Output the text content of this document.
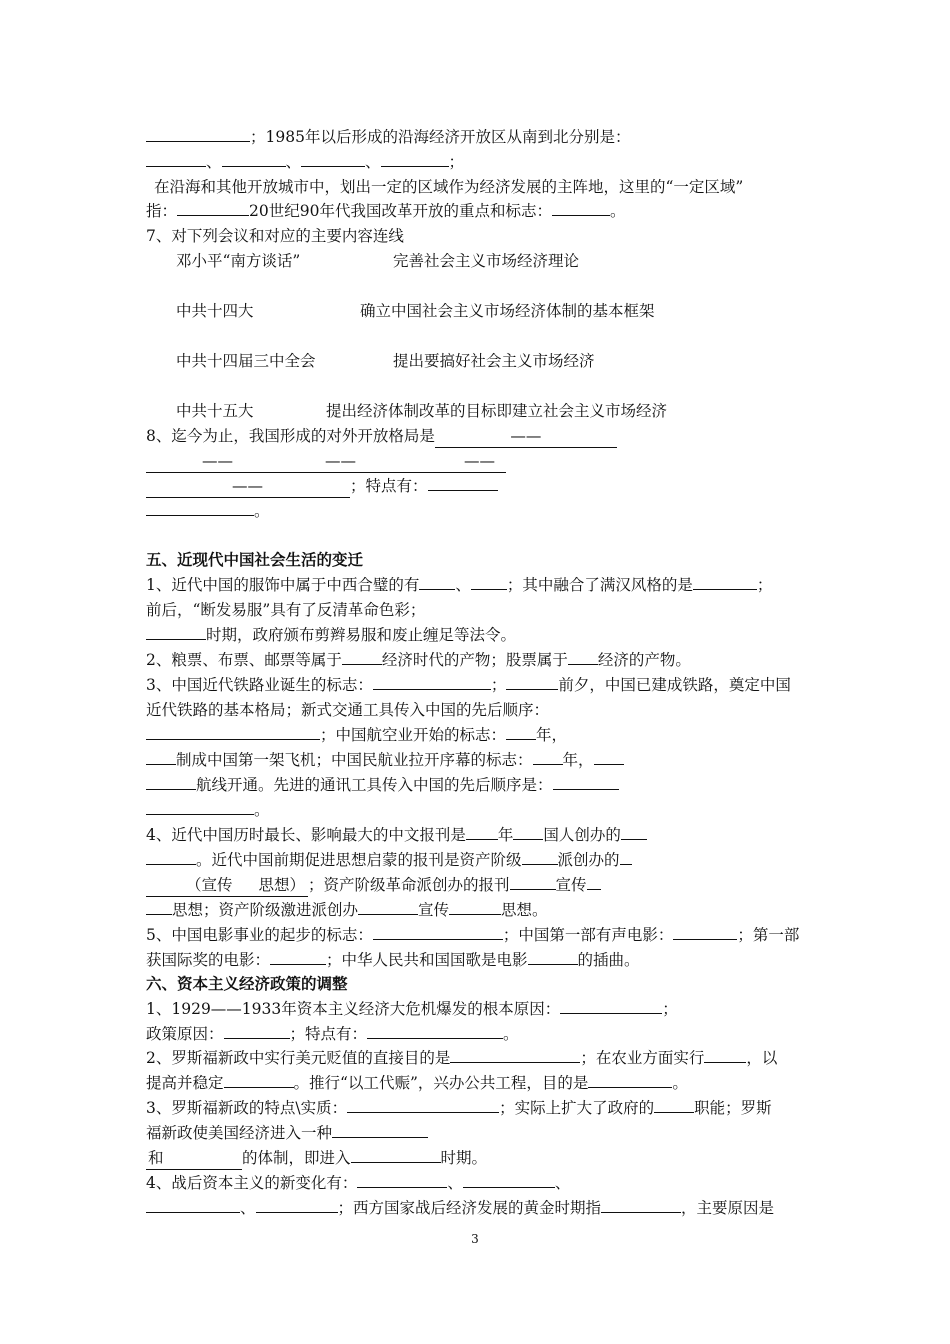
；1985年以后形成的沿海经济开放区从南到北分别是：
、	、	、	；
在沿海和其他开放城市中，划出一定的区域作为经济发展的主阵地，这里的“一定区域”
指：	20世纪90年代我国改革开放的重点和标志：	。
7、对下列会议和对应的主要内容连线
邓小平“南方谈话”	完善社会主义市场经济理论
中共十四大	确立中国社会主义市场经济体制的基本框架
中共十四届三中全会	提出要搞好社会主义市场经济
中共十五大	提出经济体制改革的目标即建立社会主义市场经济
8、迄今为止，我国形成的对外开放格局是	——
——	——	——
——	；特点有：
。
五、近现代中国社会生活的变迁
1、近代中国的服饰中属于中西合璧的有 、 ；其中融合了满汉风格的是	；
前后，“断发易服”具有了反清革命色彩；
时期，政府颁布剪辫易服和废止缠足等法令。
2、粮票、布票、邮票等属于	经济时代的产物；股票属于 经济的产物。
3、中国近代铁路业诞生的标志：	；	前夕，中国已建成铁路，奠定中国
近代铁路的基本格局；新式交通工具传入中国的先后顺序：
；中国航空业开始的标志： 年，
制成中国第一架飞机；中国民航业拉开序幕的标志： 年，
航线开通。先进的通讯工具传入中国的先后顺序是：
。
4、近代中国历时最长、影响最大的中文报刊是 年 国人创办的
。近代中国前期促进思想启蒙的报刊是资产阶级 派创办的
（宣传 思想） ；资产阶级革命派创办的报刊	宣传
思想；资产阶级激进派创办	宣传	思想。
5、中国电影事业的起步的标志：	；中国第一部有声电影：	；第一部
获国际奖的电影：	；中华人民共和国国歌是电影	的插曲。
六、资本主义经济政策的调整
1、1929——1933年资本主义经济大危机爆发的根本原因：	；
政策原因：	；特点有：	。
2、罗斯福新政中实行美元贬值的直接目的是	；在农业方面实行	，以
提高并稳定	。推行“以工代赈”，兴办公共工程，目的是	。
3、罗斯福新政的特点\实质：	；实际上扩大了政府的	职能；罗斯
福新政使美国经济进入一种
和	的体制，即进入	时期。
4、战后资本主义的新变化有：	、	、
、	；西方国家战后经济发展的黄金时期指	，主要原因是
3
